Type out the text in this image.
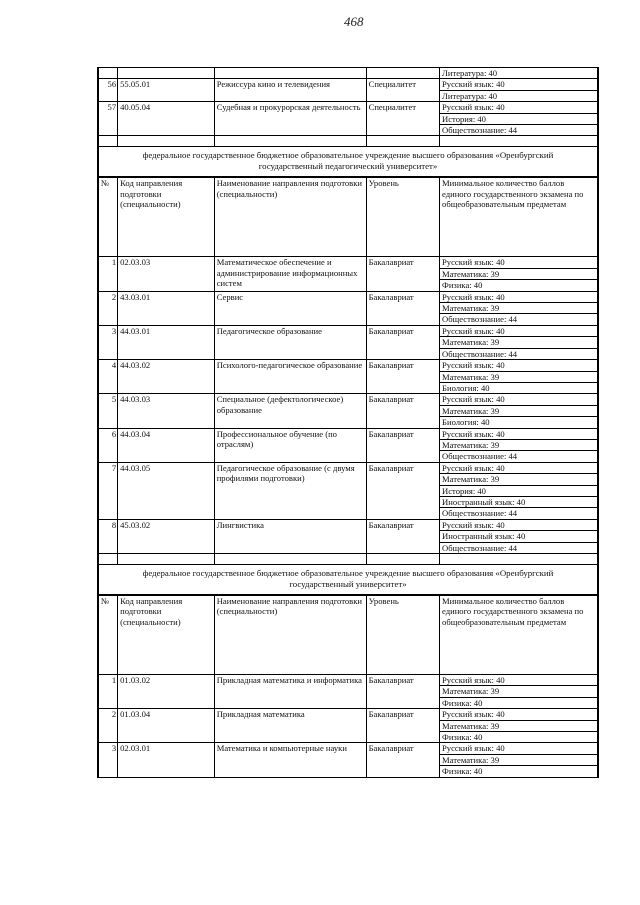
468
				Литература: 40
56	55.05.01	Режиссура кино и телевидения	Специалитет	Русский язык: 40
				Литература: 40
57	40.05.04	Судебная и прокурорская деятельность	Специалитет	Русский язык: 40
				История: 40
				Обществознание: 44

федеральное государственное бюджетное образовательное учреждение высшего образования «Оренбургский государственный педагогический университет»
№	Код направления подготовки (специальности)	Наименование направления подготовки (специальности)	Уровень	Минимальное количество баллов единого государственного экзамена по общеобразовательным предметам
1	02.03.03	Математическое обеспечение и администрирование информационных систем	Бакалавриат	Русский язык: 40
				Математика: 39
				Физика: 40
2	43.03.01	Сервис	Бакалавриат	Русский язык: 40
				Математика: 39
				Обществознание: 44
3	44.03.01	Педагогическое образование	Бакалавриат	Русский язык: 40
				Математика: 39
				Обществознание: 44
4	44.03.02	Психолого-педагогическое образование	Бакалавриат	Русский язык: 40
				Математика: 39
				Биология: 40
5	44.03.03	Специальное (дефектологическое) образование	Бакалавриат	Русский язык: 40
				Математика: 39
				Биология: 40
6	44.03.04	Профессиональное обучение (по отраслям)	Бакалавриат	Русский язык: 40
				Математика: 39
				Обществознание: 44
7	44.03.05	Педагогическое образование (с двумя профилями подготовки)	Бакалавриат	Русский язык: 40
				Математика: 39
				История: 40
				Иностранный язык: 40
				Обществознание: 44
8	45.03.02	Лингвистика	Бакалавриат	Русский язык: 40
				Иностранный язык: 40
				Обществознание: 44

федеральное государственное бюджетное образовательное учреждение высшего образования «Оренбургский государственный университет»
№	Код направления подготовки (специальности)	Наименование направления подготовки (специальности)	Уровень	Минимальное количество баллов единого государственного экзамена по общеобразовательным предметам
1	01.03.02	Прикладная математика и информатика	Бакалавриат	Русский язык: 40
				Математика: 39
				Физика: 40
2	01.03.04	Прикладная математика	Бакалавриат	Русский язык: 40
				Математика: 39
				Физика: 40
3	02.03.01	Математика и компьютерные науки	Бакалавриат	Русский язык: 40
				Математика: 39
				Физика: 40
